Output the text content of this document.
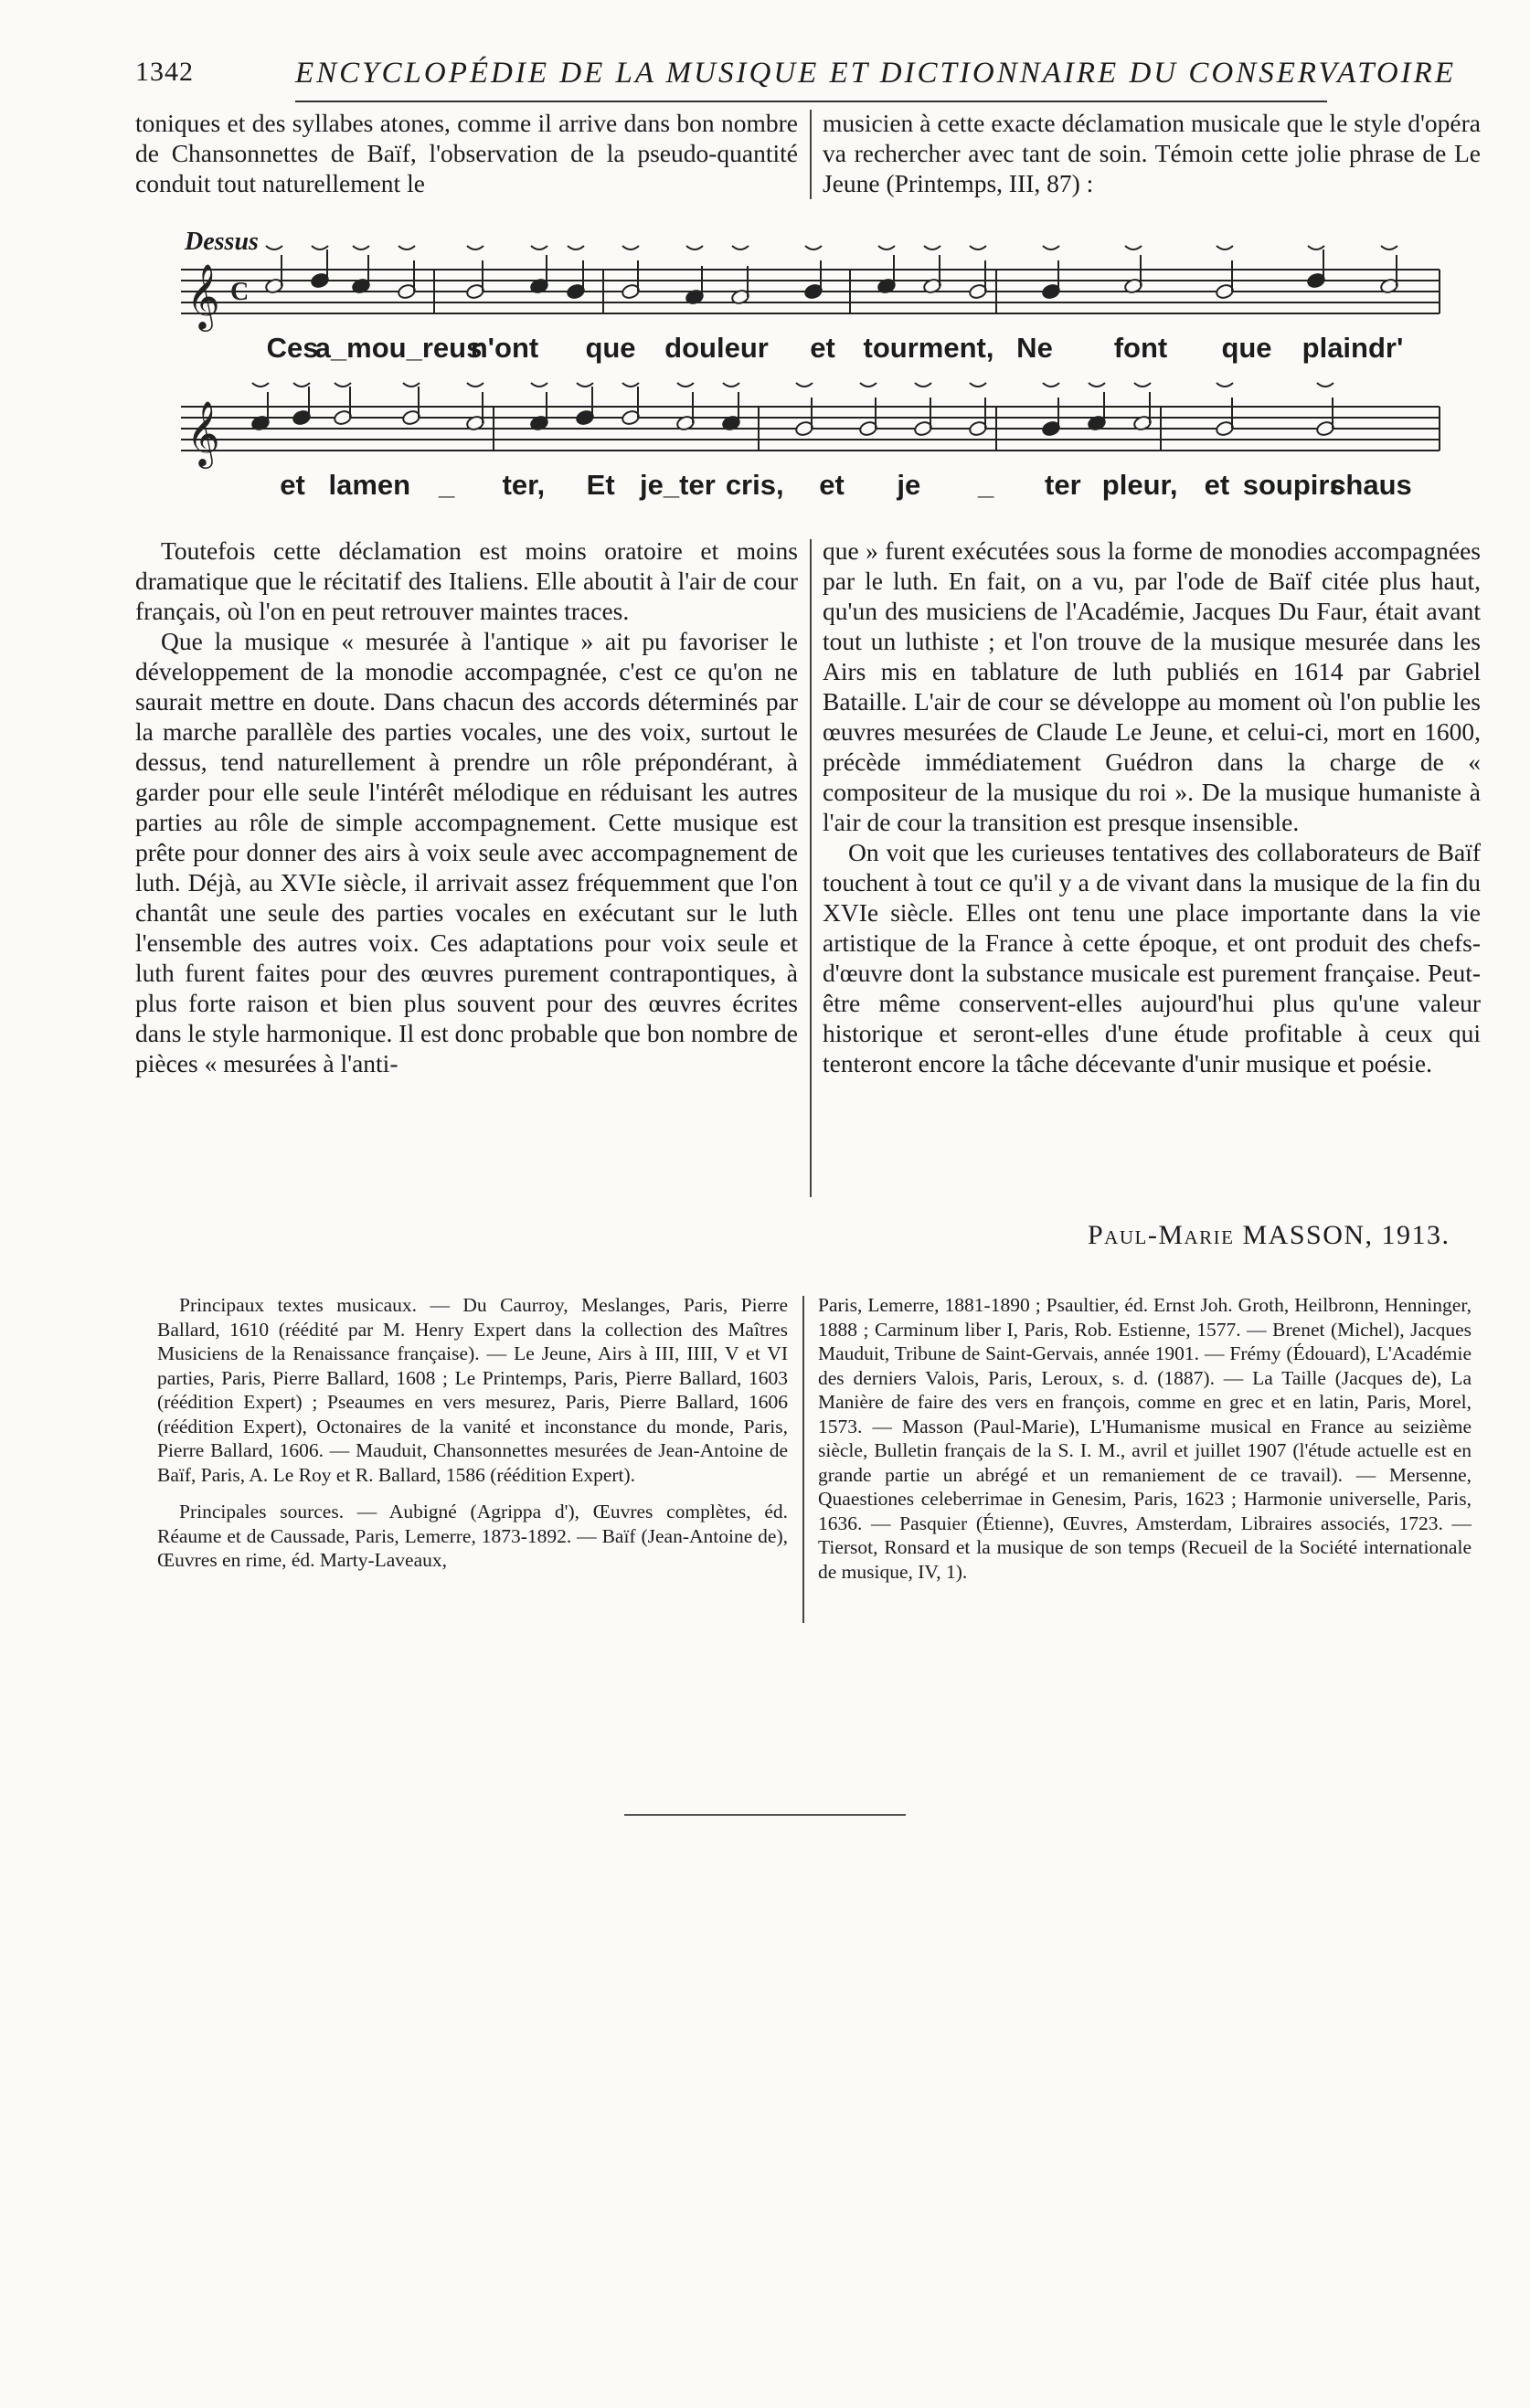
1342	ENCYCLOPÉDIE DE LA MUSIQUE ET DICTIONNAIRE DU CONSERVATOIRE

toniques et des syllabes atones, comme il arrive dans bon nombre de Chansonnettes de Baïf, l'observation de la pseudo-quantité conduit tout naturellement le

musicien à cette exacte déclamation musicale que le style d'opéra va rechercher avec tant de soin. Témoin cette jolie phrase de Le Jeune (Printemps, III, 87) :

Dessus
𝄞 C
𝄞
Ces
a_mou_reus
n'ont que douleur et tourment, Ne font que plaindr'
et lamen _ ter, Et je_ter cris, et je _ ter pleur, et soupirs
chaus

Toutefois cette déclamation est moins oratoire et moins dramatique que le récitatif des Italiens. Elle aboutit à l'air de cour français, où l'on en peut retrouver maintes traces.

Que la musique « mesurée à l'antique » ait pu favoriser le développement de la monodie accompagnée, c'est ce qu'on ne saurait mettre en doute. Dans chacun des accords déterminés par la marche parallèle des parties vocales, une des voix, surtout le dessus, tend naturellement à prendre un rôle prépondérant, à garder pour elle seule l'intérêt mélodique en réduisant les autres parties au rôle de simple accompagnement. Cette musique est prête pour donner des airs à voix seule avec accompagnement de luth. Déjà, au XVIe siècle, il arrivait assez fréquemment que l'on chantât une seule des parties vocales en exécutant sur le luth l'ensemble des autres voix. Ces adaptations pour voix seule et luth furent faites pour des œuvres purement contrapontiques, à plus forte raison et bien plus souvent pour des œuvres écrites dans le style harmonique. Il est donc probable que bon nombre de pièces « mesurées à l'anti-

que » furent exécutées sous la forme de monodies accompagnées par le luth. En fait, on a vu, par l'ode de Baïf citée plus haut, qu'un des musiciens de l'Académie, Jacques Du Faur, était avant tout un luthiste ; et l'on trouve de la musique mesurée dans les Airs mis en tablature de luth publiés en 1614 par Gabriel Bataille. L'air de cour se développe au moment où l'on publie les œuvres mesurées de Claude Le Jeune, et celui-ci, mort en 1600, précède immédiatement Guédron dans la charge de « compositeur de la musique du roi ». De la musique humaniste à l'air de cour la transition est presque insensible.

On voit que les curieuses tentatives des collaborateurs de Baïf touchent à tout ce qu'il y a de vivant dans la musique de la fin du XVIe siècle. Elles ont tenu une place importante dans la vie artistique de la France à cette époque, et ont produit des chefs-d'œuvre dont la substance musicale est purement française. Peut-être même conservent-elles aujourd'hui plus qu'une valeur historique et seront-elles d'une étude profitable à ceux qui tenteront encore la tâche décevante d'unir musique et poésie.

Paul-Marie MASSON, 1913.

Principaux textes musicaux. — Du Caurroy, Meslanges, Paris, Pierre Ballard, 1610 (réédité par M. Henry Expert dans la collection des Maîtres Musiciens de la Renaissance française). — Le Jeune, Airs à III, IIII, V et VI parties, Paris, Pierre Ballard, 1608 ; Le Printemps, Paris, Pierre Ballard, 1603 (réédition Expert) ; Pseaumes en vers mesurez, Paris, Pierre Ballard, 1606 (réédition Expert), Octonaires de la vanité et inconstance du monde, Paris, Pierre Ballard, 1606. — Mauduit, Chansonnettes mesurées de Jean-Antoine de Baïf, Paris, A. Le Roy et R. Ballard, 1586 (réédition Expert).

Principales sources. — Aubigné (Agrippa d'), Œuvres complètes, éd. Réaume et de Caussade, Paris, Lemerre, 1873-1892. — Baïf (Jean-Antoine de), Œuvres en rime, éd. Marty-Laveaux,

Paris, Lemerre, 1881-1890 ; Psaultier, éd. Ernst Joh. Groth, Heilbronn, Henninger, 1888 ; Carminum liber I, Paris, Rob. Estienne, 1577. — Brenet (Michel), Jacques Mauduit, Tribune de Saint-Gervais, année 1901. — Frémy (Édouard), L'Académie des derniers Valois, Paris, Leroux, s. d. (1887). — La Taille (Jacques de), La Manière de faire des vers en françois, comme en grec et en latin, Paris, Morel, 1573. — Masson (Paul-Marie), L'Humanisme musical en France au seizième siècle, Bulletin français de la S. I. M., avril et juillet 1907 (l'étude actuelle est en grande partie un abrégé et un remaniement de ce travail). — Mersenne, Quaestiones celeberrimae in Genesim, Paris, 1623 ; Harmonie universelle, Paris, 1636. — Pasquier (Étienne), Œuvres, Amsterdam, Libraires associés, 1723. — Tiersot, Ronsard et la musique de son temps (Recueil de la Société internationale de musique, IV, 1).
